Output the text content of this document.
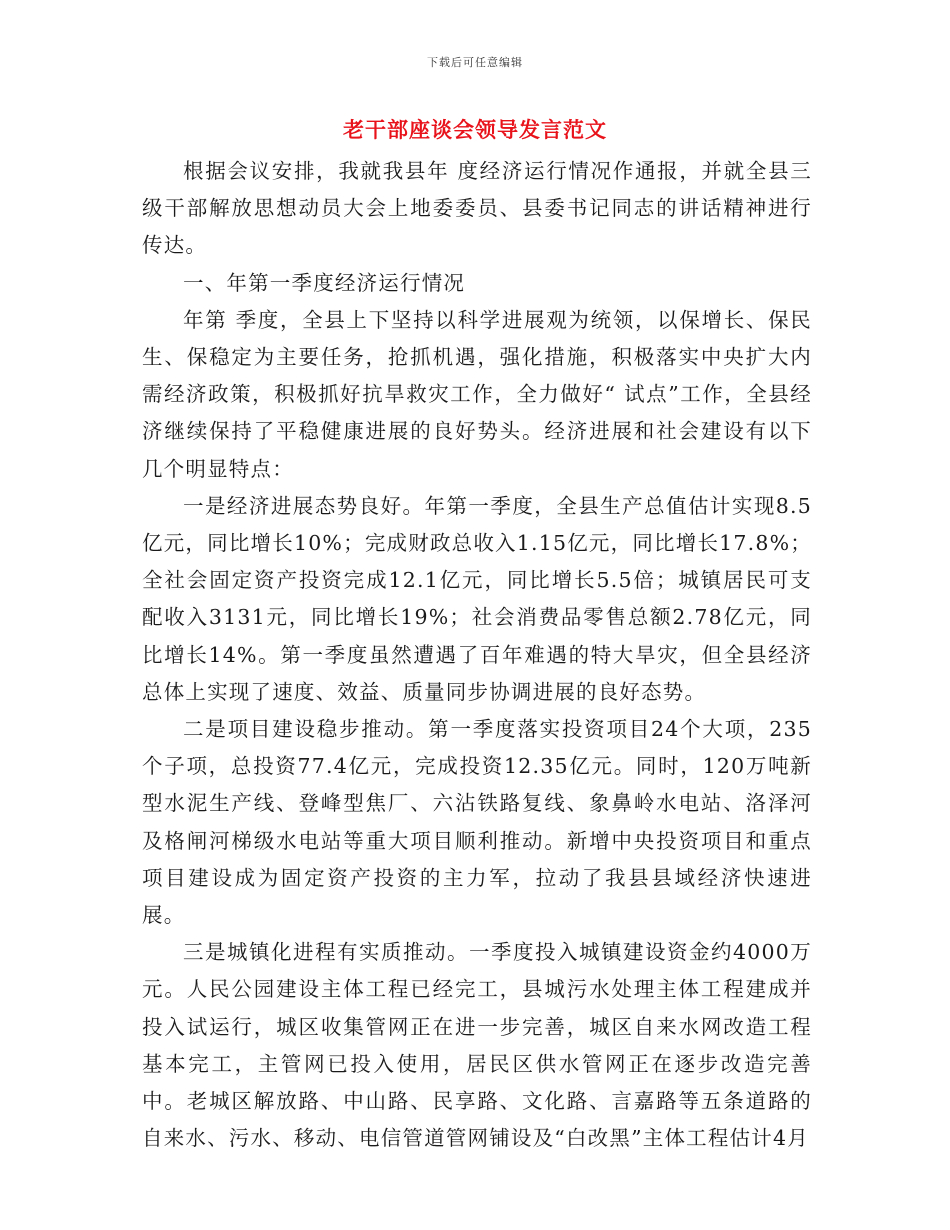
下载后可任意编辑
老干部座谈会领导发言范文

根据会议安排，我就我县年 度经济运行情况作通报，并就全县三级干部解放思想动员大会上地委委员、县委书记同志的讲话精神进行传达。

一、年第一季度经济运行情况

年第 季度，全县上下坚持以科学进展观为统领，以保增长、保民生、保稳定为主要任务，抢抓机遇，强化措施，积极落实中央扩大内需经济政策，积极抓好抗旱救灾工作，全力做好“ 试点”工作，全县经济继续保持了平稳健康进展的良好势头。经济进展和社会建设有以下几个明显特点：

一是经济进展态势良好。年第一季度，全县生产总值估计实现8.5亿元，同比增长10%；完成财政总收入1.15亿元，同比增长17.8%；全社会固定资产投资完成12.1亿元，同比增长5.5倍；城镇居民可支配收入3131元，同比增长19%；社会消费品零售总额2.78亿元，同比增长14%。第一季度虽然遭遇了百年难遇的特大旱灾，但全县经济总体上实现了速度、效益、质量同步协调进展的良好态势。

二是项目建设稳步推动。第一季度落实投资项目24个大项，235个子项，总投资77.4亿元，完成投资12.35亿元。同时，120万吨新型水泥生产线、登峰型焦厂、六沾铁路复线、象鼻岭水电站、洛泽河及格闸河梯级水电站等重大项目顺利推动。新增中央投资项目和重点项目建设成为固定资产投资的主力军，拉动了我县县域经济快速进展。

三是城镇化进程有实质推动。一季度投入城镇建设资金约4000万元。人民公园建设主体工程已经完工，县城污水处理主体工程建成并投入试运行，城区收集管网正在进一步完善，城区自来水网改造工程基本完工，主管网已投入使用，居民区供水管网正在逐步改造完善中。老城区解放路、中山路、民享路、文化路、言嘉路等五条道路的自来水、污水、移动、电信管道管网铺设及“白改黑”主体工程估计4月
